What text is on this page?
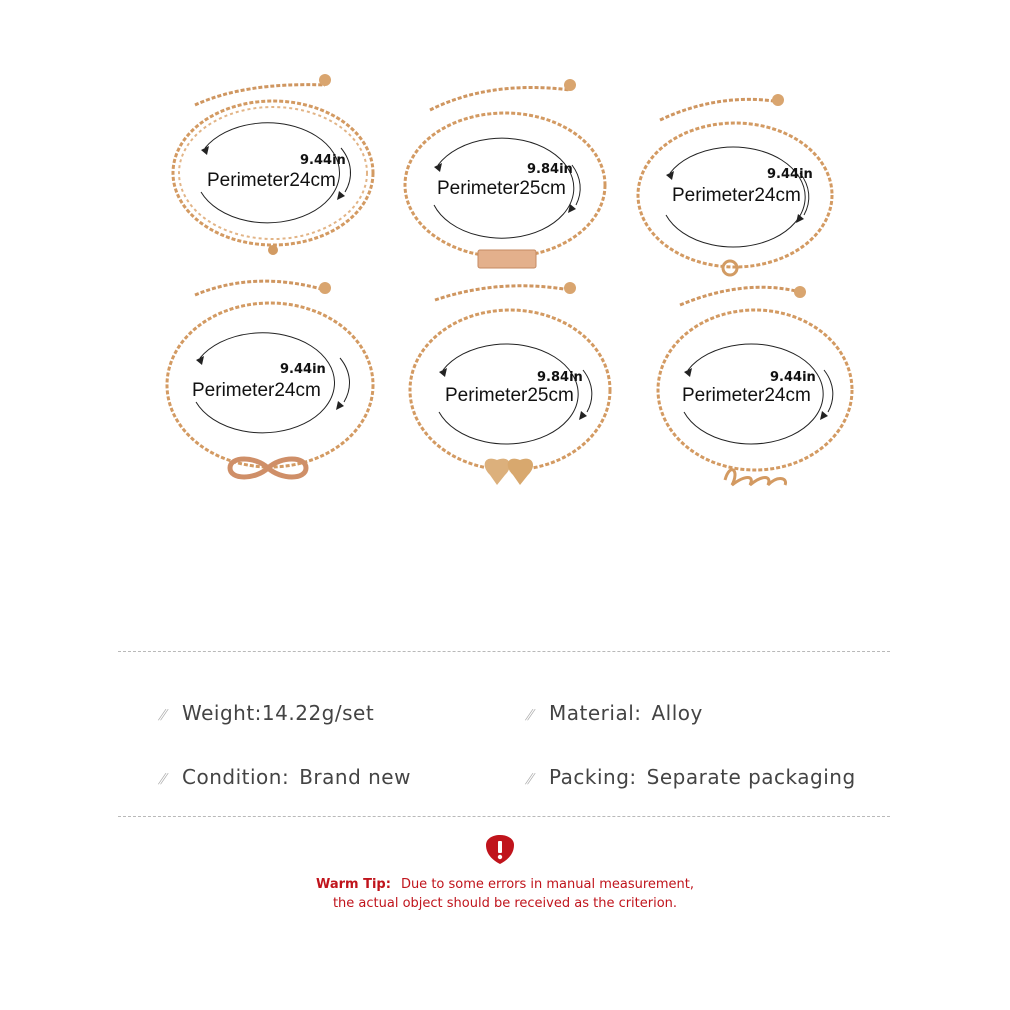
9.44in
Perimeter24cm
9.84in
Perimeter25cm
9.44in
Perimeter24cm
9.44in
Perimeter24cm
9.84in
Perimeter25cm
9.44in
Perimeter24cm
⫽ Weight:14.22g/set	⫽ Material: Alloy
⫽ Condition: Brand new	⫽ Packing: Separate packaging
Warm Tip: Due to some errors in manual measurement,
the actual object should be received as the criterion.
